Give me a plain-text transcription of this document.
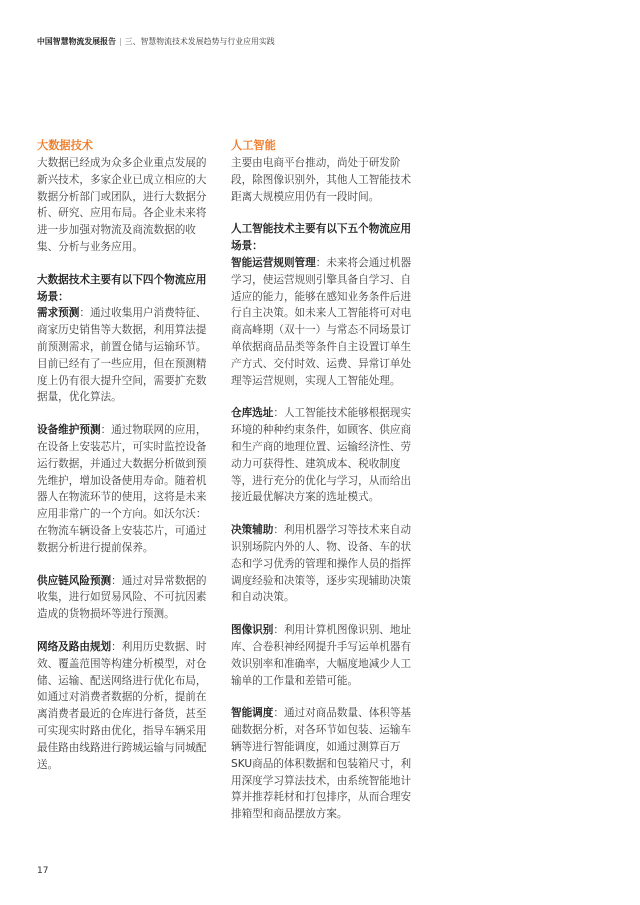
中国智慧物流发展报告 | 三、智慧物流技术发展趋势与行业应用实践
大数据技术

大数据已经成为众多企业重点发展的新兴技术，多家企业已成立相应的大数据分析部门或团队，进行大数据分析、研究、应用布局。各企业未来将进一步加强对物流及商流数据的收集、分析与业务应用。

大数据技术主要有以下四个物流应用场景：
需求预测：通过收集用户消费特征、商家历史销售等大数据，利用算法提前预测需求，前置仓储与运输环节。目前已经有了一些应用，但在预测精度上仍有很大提升空间，需要扩充数据量，优化算法。

设备维护预测：通过物联网的应用，在设备上安装芯片，可实时监控设备运行数据，并通过大数据分析做到预先维护，增加设备使用寿命。随着机器人在物流环节的使用，这将是未来应用非常广的一个方向。如沃尔沃：在物流车辆设备上安装芯片，可通过数据分析进行提前保养。

供应链风险预测：通过对异常数据的收集，进行如贸易风险、不可抗因素造成的货物损坏等进行预测。

网络及路由规划：利用历史数据、时效、覆盖范围等构建分析模型，对仓储、运输、配送网络进行优化布局，如通过对消费者数据的分析，提前在离消费者最近的仓库进行备货，甚至可实现实时路由优化，指导车辆采用最佳路由线路进行跨城运输与同城配送。

人工智能

主要由电商平台推动，尚处于研发阶段，除图像识别外，其他人工智能技术距离大规模应用仍有一段时间。

人工智能技术主要有以下五个物流应用场景：
智能运营规则管理：未来将会通过机器学习，使运营规则引擎具备自学习、自适应的能力，能够在感知业务条件后进行自主决策。如未来人工智能将可对电商高峰期（双十一）与常态不同场景订单依据商品品类等条件自主设置订单生产方式、交付时效、运费、异常订单处理等运营规则，实现人工智能处理。

仓库选址：人工智能技术能够根据现实环境的种种约束条件，如顾客、供应商和生产商的地理位置、运输经济性、劳动力可获得性、建筑成本、税收制度等，进行充分的优化与学习，从而给出接近最优解决方案的选址模式。

决策辅助：利用机器学习等技术来自动识别场院内外的人、物、设备、车的状态和学习优秀的管理和操作人员的指挥调度经验和决策等，逐步实现辅助决策和自动决策。

图像识别：利用计算机图像识别、地址库、合卷积神经网提升手写运单机器有效识别率和准确率，大幅度地减少人工输单的工作量和差错可能。

智能调度：通过对商品数量、体积等基础数据分析，对各环节如包装、运输车辆等进行智能调度，如通过测算百万SKU商品的体积数据和包装箱尺寸，利用深度学习算法技术，由系统智能地计算并推荐耗材和打包排序，从而合理安排箱型和商品摆放方案。

17
